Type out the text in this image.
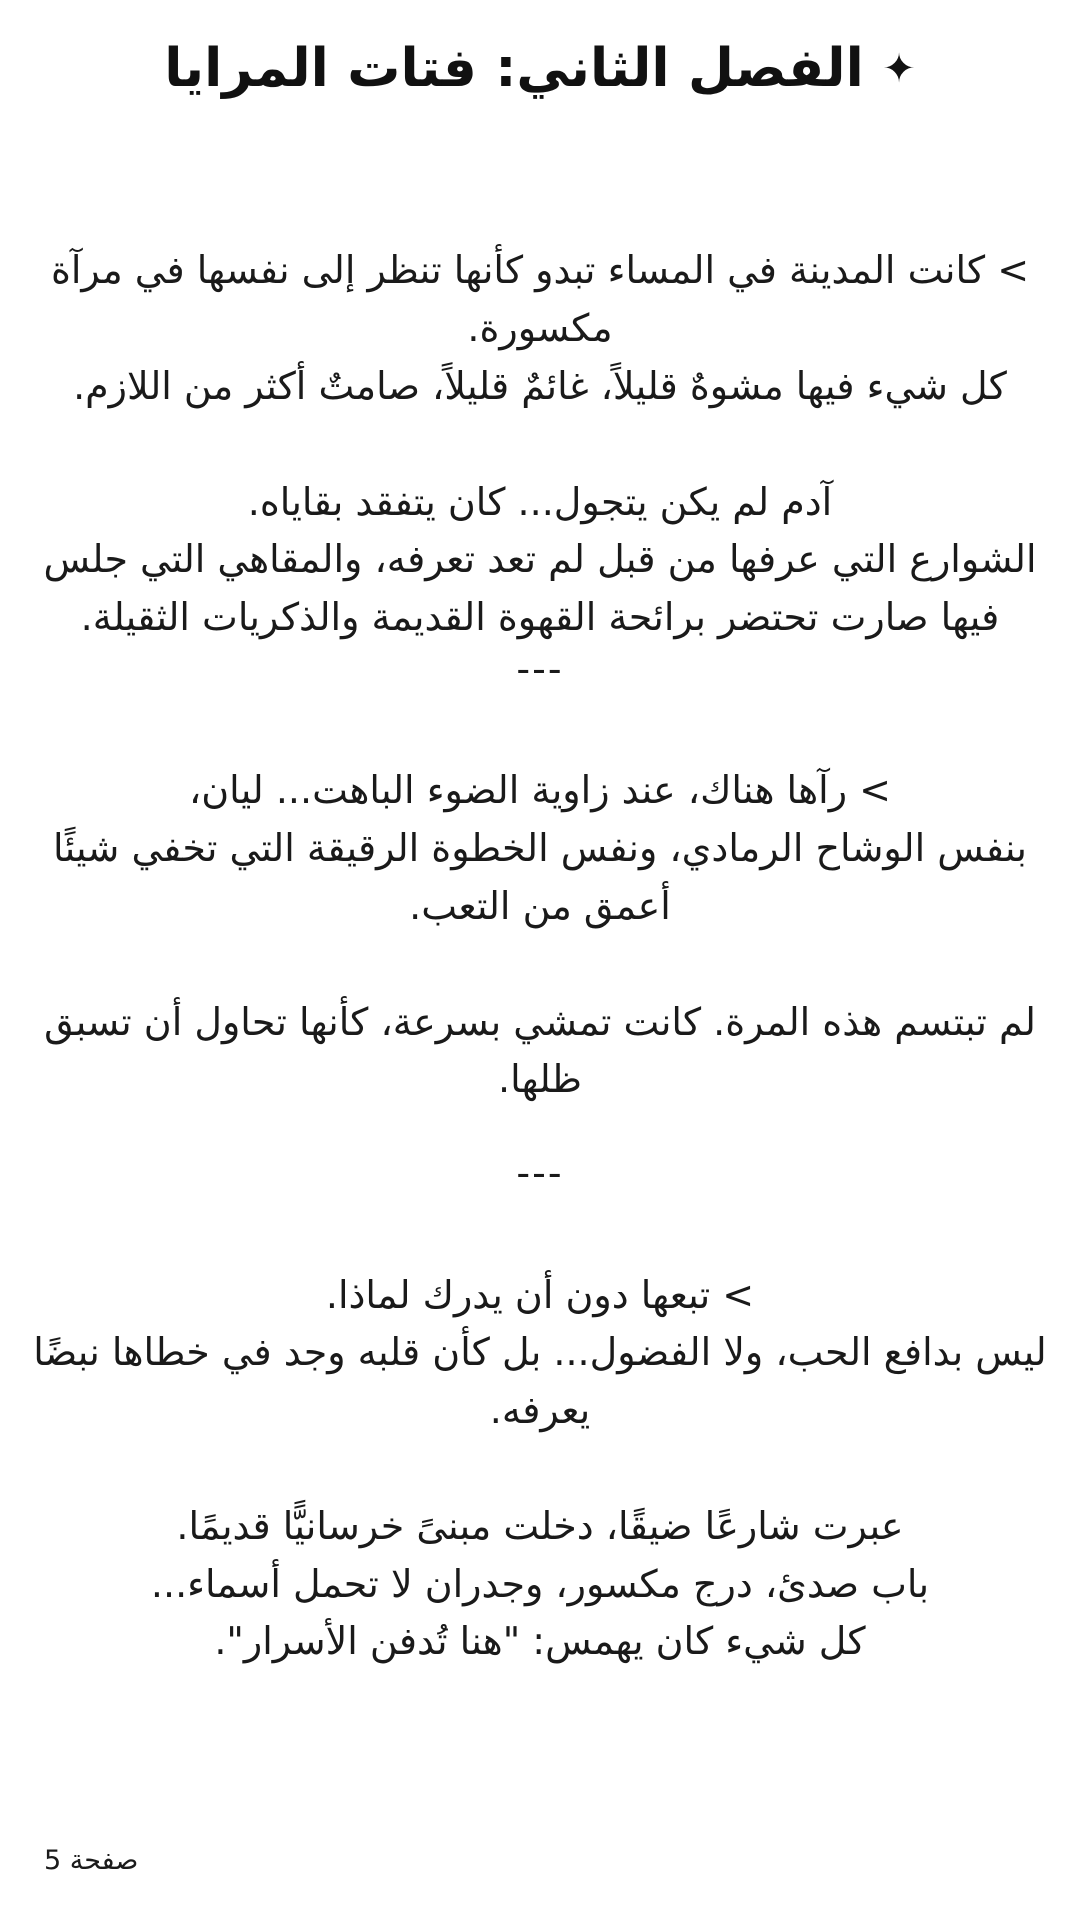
✦ الفصل الثاني: فتات المرايا

> كانت المدينة في المساء تبدو كأنها تنظر إلى نفسها في مرآة مكسورة.

كل شيء فيها مشوهٌ قليلاً، غائمٌ قليلاً، صامتٌ أكثر من اللازم.

آدم لم يكن يتجول... كان يتفقد بقاياه.

الشوارع التي عرفها من قبل لم تعد تعرفه، والمقاهي التي جلس فيها صارت تحتضر برائحة القهوة القديمة والذكريات الثقيلة.

---

> رآها هناك، عند زاوية الضوء الباهت... ليان،

بنفس الوشاح الرمادي، ونفس الخطوة الرقيقة التي تخفي شيئًا أعمق من التعب.

لم تبتسم هذه المرة. كانت تمشي بسرعة، كأنها تحاول أن تسبق ظلها.

---

> تبعها دون أن يدرك لماذا.

ليس بدافع الحب، ولا الفضول... بل كأن قلبه وجد في خطاها نبضًا يعرفه.

عبرت شارعًا ضيقًا، دخلت مبنىً خرسانيًّا قديمًا.

باب صدئ، درج مكسور، وجدران لا تحمل أسماء...

كل شيء كان يهمس: "هنا تُدفن الأسرار".

صفحة 5
